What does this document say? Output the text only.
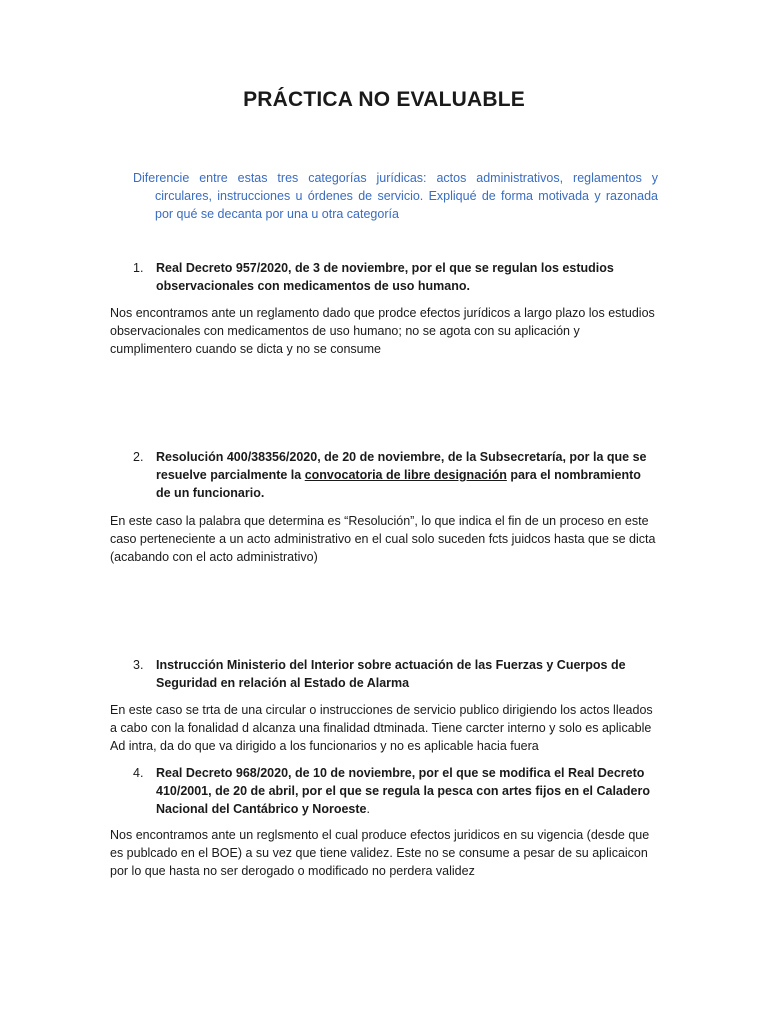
PRÁCTICA NO EVALUABLE

Diferencie entre estas tres categorías jurídicas: actos administrativos, reglamentos y circulares, instrucciones u órdenes de servicio. Expliqué de forma motivada y razonada por qué se decanta por una u otra categoría

1. Real Decreto 957/2020, de 3 de noviembre, por el que se regulan los estudios observacionales con medicamentos de uso humano.
Nos encontramos ante un reglamento dado que prodce efectos jurídicos a largo plazo los estudios observacionales con medicamentos de uso humano; no se agota con su aplicación y cumplimentero cuando se dicta y no se consume
2. Resolución 400/38356/2020, de 20 de noviembre, de la Subsecretaría, por la que se resuelve parcialmente la convocatoria de libre designación para el nombramiento de un funcionario.
En este caso la palabra que determina es “Resolución”, lo que indica el fin de un proceso en este caso perteneciente a un acto administrativo en el cual solo suceden fcts juidcos hasta que se dicta (acabando con el acto administrativo)
3. Instrucción Ministerio del Interior sobre actuación de las Fuerzas y Cuerpos de Seguridad en relación al Estado de Alarma
En este caso se trta de una circular o instrucciones de servicio publico dirigiendo los actos lleados a cabo con la fonalidad d alcanza una finalidad dtminada. Tiene carcter interno y solo es aplicable Ad intra, da do que va dirigido a los funcionarios y no es aplicable hacia fuera
4. Real Decreto 968/2020, de 10 de noviembre, por el que se modifica el Real Decreto 410/2001, de 20 de abril, por el que se regula la pesca con artes fijos en el Caladero Nacional del Cantábrico y Noroeste.
Nos encontramos ante un reglsmento el cual produce efectos juridicos en su vigencia (desde que es publcado en el BOE) a su vez que tiene validez. Este no se consume a pesar de su aplicaicon por lo que hasta no ser derogado o modificado no perdera validez
